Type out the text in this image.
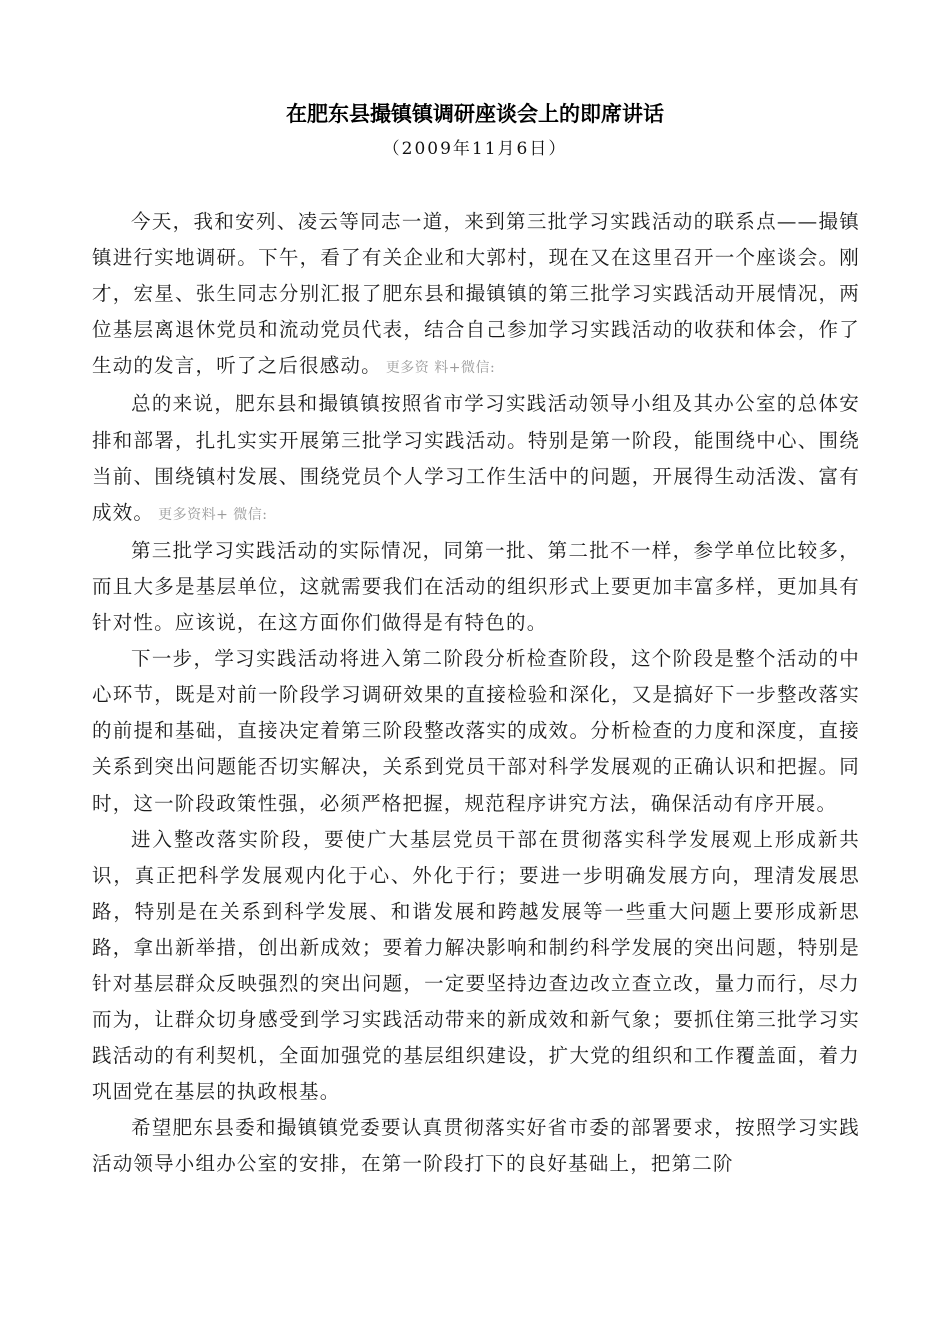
在肥东县撮镇镇调研座谈会上的即席讲话
（2009年11月6日）

今天，我和安列、凌云等同志一道，来到第三批学习实践活动的联系点——撮镇镇进行实地调研。下午，看了有关企业和大郭村，现在又在这里召开一个座谈会。刚才，宏星、张生同志分别汇报了肥东县和撮镇镇的第三批学习实践活动开展情况，两位基层离退休党员和流动党员代表，结合自己参加学习实践活动的收获和体会，作了生动的发言，听了之后很感动。 更多资 料+微信:

总的来说，肥东县和撮镇镇按照省市学习实践活动领导小组及其办公室的总体安排和部署，扎扎实实开展第三批学习实践活动。特别是第一阶段，能围绕中心、围绕当前、围绕镇村发展、围绕党员个人学习工作生活中的问题，开展得生动活泼、富有成效。 更多资料+ 微信:

第三批学习实践活动的实际情况，同第一批、第二批不一样，参学单位比较多，而且大多是基层单位，这就需要我们在活动的组织形式上要更加丰富多样，更加具有针对性。应该说，在这方面你们做得是有特色的。

下一步，学习实践活动将进入第二阶段分析检查阶段，这个阶段是整个活动的中心环节，既是对前一阶段学习调研效果的直接检验和深化，又是搞好下一步整改落实的前提和基础，直接决定着第三阶段整改落实的成效。分析检查的力度和深度，直接关系到突出问题能否切实解决，关系到党员干部对科学发展观的正确认识和把握。同时，这一阶段政策性强，必须严格把握，规范程序讲究方法，确保活动有序开展。

进入整改落实阶段，要使广大基层党员干部在贯彻落实科学发展观上形成新共识，真正把科学发展观内化于心、外化于行；要进一步明确发展方向，理清发展思路，特别是在关系到科学发展、和谐发展和跨越发展等一些重大问题上要形成新思路，拿出新举措，创出新成效；要着力解决影响和制约科学发展的突出问题，特别是针对基层群众反映强烈的突出问题，一定要坚持边查边改立查立改，量力而行，尽力而为，让群众切身感受到学习实践活动带来的新成效和新气象；要抓住第三批学习实践活动的有利契机，全面加强党的基层组织建设，扩大党的组织和工作覆盖面，着力巩固党在基层的执政根基。

希望肥东县委和撮镇镇党委要认真贯彻落实好省市委的部署要求，按照学习实践活动领导小组办公室的安排，在第一阶段打下的良好基础上，把第二阶
